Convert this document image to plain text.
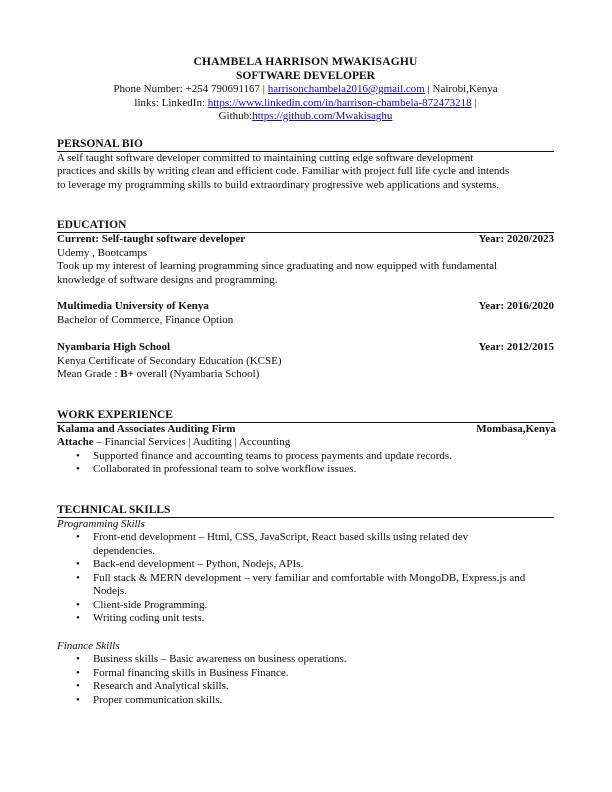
CHAMBELA HARRISON MWAKISAGHU
SOFTWARE DEVELOPER
Phone Number: +254 790691167 | harrisonchambela2016@gmail.com | Nairobi,Kenya
links: LinkedIn: https://www.linkedin.com/in/harrison-chambela-872473218 |
Github:https://github.com/Mwakisaghu
PERSONAL BIO
A self taught software developer committed to maintaining cutting edge software development
practices and skills by writing clean and efficient code. Familiar with project full life cycle and intends
to leverage my programming skills to build extraordinary progressive web applications and systems.
EDUCATION
Current: Self-taught software developer	Year: 2020/2023
Udemy , Bootcamps
Took up my interest of learning programming since graduating and now equipped with fundamental
knowledge of software designs and programming.
Multimedia University of Kenya	Year: 2016/2020
Bachelor of Commerce, Finance Option
Nyambaria High School	Year: 2012/2015
Kenya Certificate of Secondary Education (KCSE)
Mean Grade : B+ overall (Nyambaria School)
WORK EXPERIENCE
Kalama and Associates Auditing Firm	Mombasa,Kenya
Attache – Financial Services | Auditing | Accounting
• Supported finance and accounting teams to process payments and update records.
• Collaborated in professional team to solve workflow issues.
TECHNICAL SKILLS
Programming Skills
• Front-end development – Html, CSS, JavaScript, React based skills using related dev
dependencies.
• Back-end development – Python, Nodejs, APIs.
• Full stack & MERN development – very familiar and comfortable with MongoDB, Express.js and
Nodejs.
• Client-side Programming.
• Writing coding unit tests.
Finance Skills
• Business skills – Basic awareness on business operations.
• Formal financing skills in Business Finance.
• Research and Analytical skills.
• Proper communication skills.
